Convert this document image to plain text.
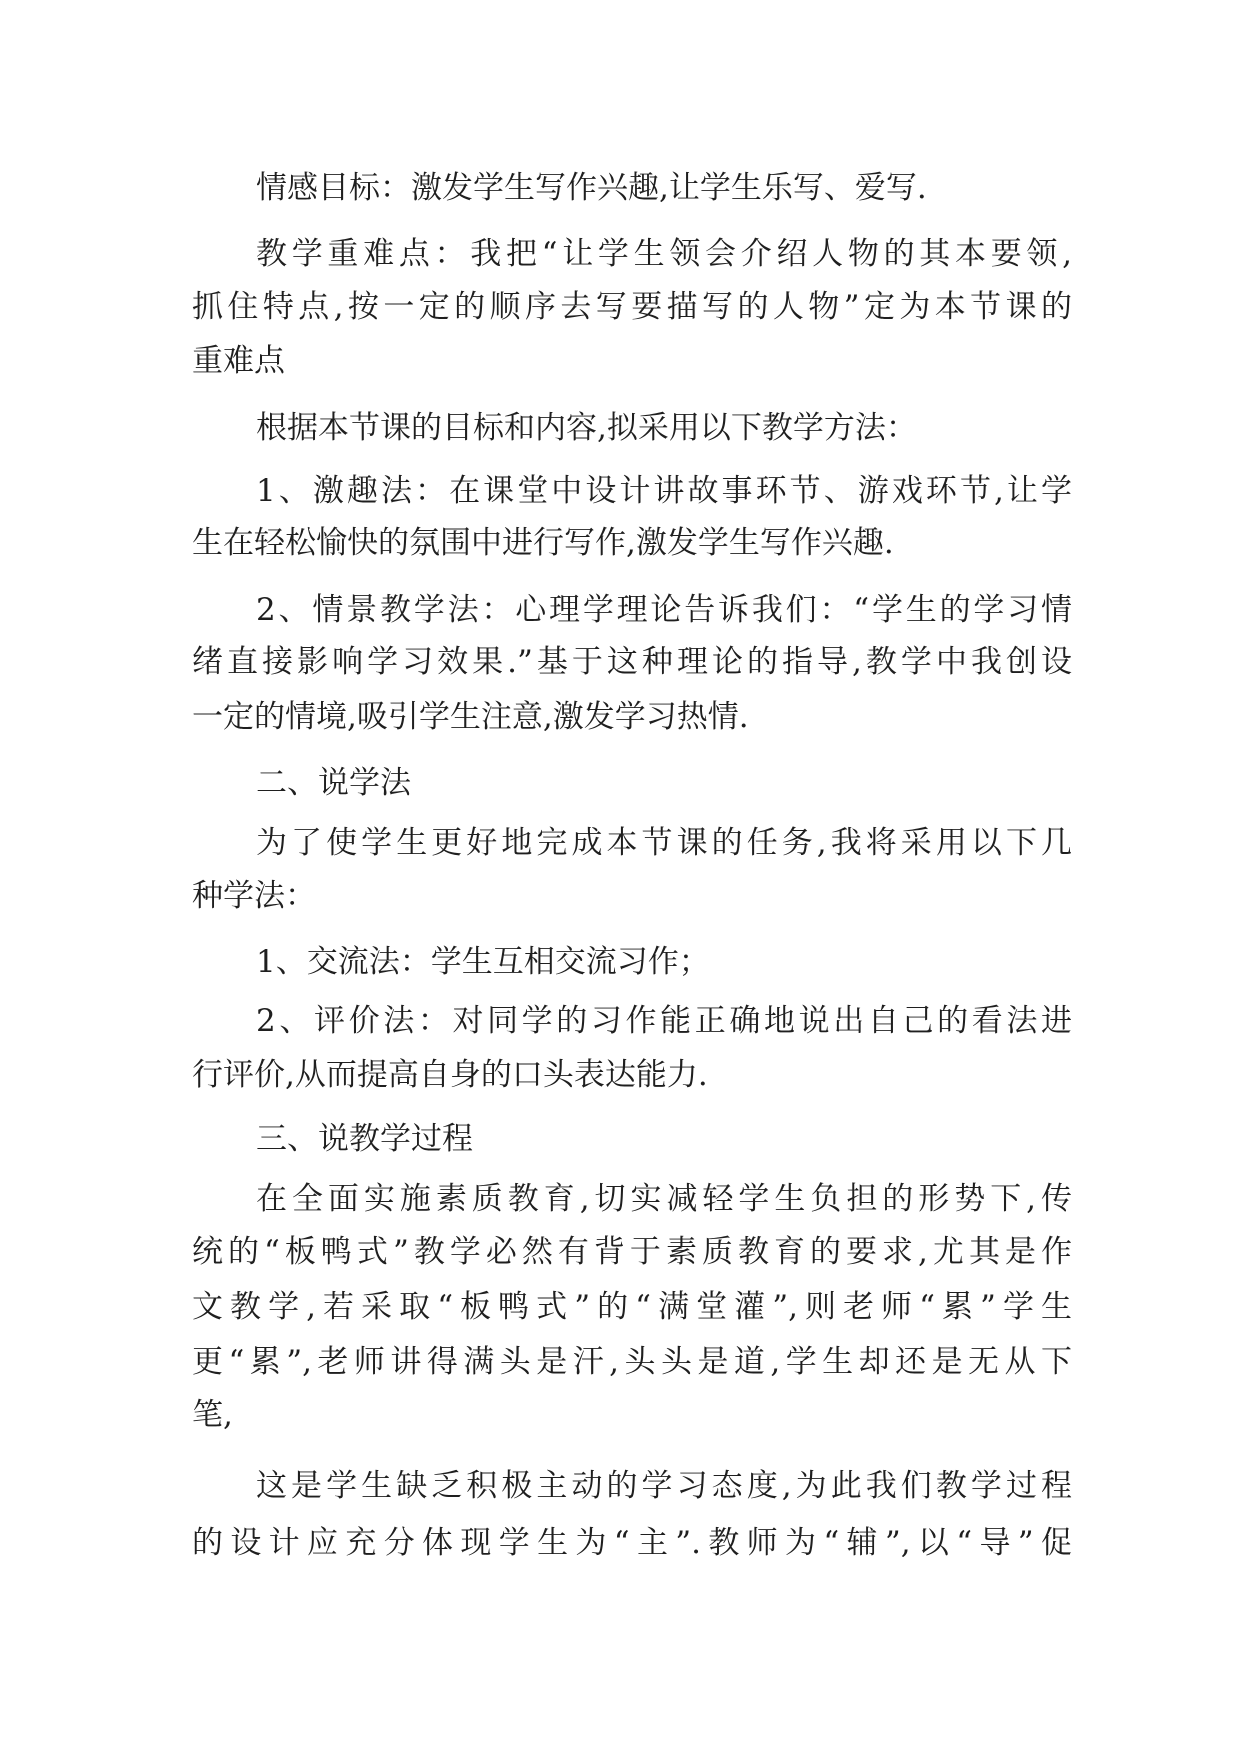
情感目标：激发学生写作兴趣,让学生乐写、爱写.

教学重难点：我把“让学生领会介绍人物的其本要领,

抓住特点,按一定的顺序去写要描写的人物”定为本节课的

重难点

根据本节课的目标和内容,拟采用以下教学方法：

1、激趣法：在课堂中设计讲故事环节、游戏环节,让学

生在轻松愉快的氛围中进行写作,激发学生写作兴趣.

2、情景教学法：心理学理论告诉我们：“学生的学习情

绪直接影响学习效果.”基于这种理论的指导,教学中我创设

一定的情境,吸引学生注意,激发学习热情.

二、说学法

为了使学生更好地完成本节课的任务,我将采用以下几

种学法：

1、交流法：学生互相交流习作；

2、评价法：对同学的习作能正确地说出自己的看法进

行评价,从而提高自身的口头表达能力.

三、说教学过程

在全面实施素质教育,切实减轻学生负担的形势下,传

统的“板鸭式”教学必然有背于素质教育的要求,尤其是作

文教学,若采取“板鸭式”的“满堂灌”,则老师“累”学生

更“累”,老师讲得满头是汗,头头是道,学生却还是无从下

笔,

这是学生缺乏积极主动的学习态度,为此我们教学过程

的设计应充分体现学生为“主”.教师为“辅”,以“导”促
